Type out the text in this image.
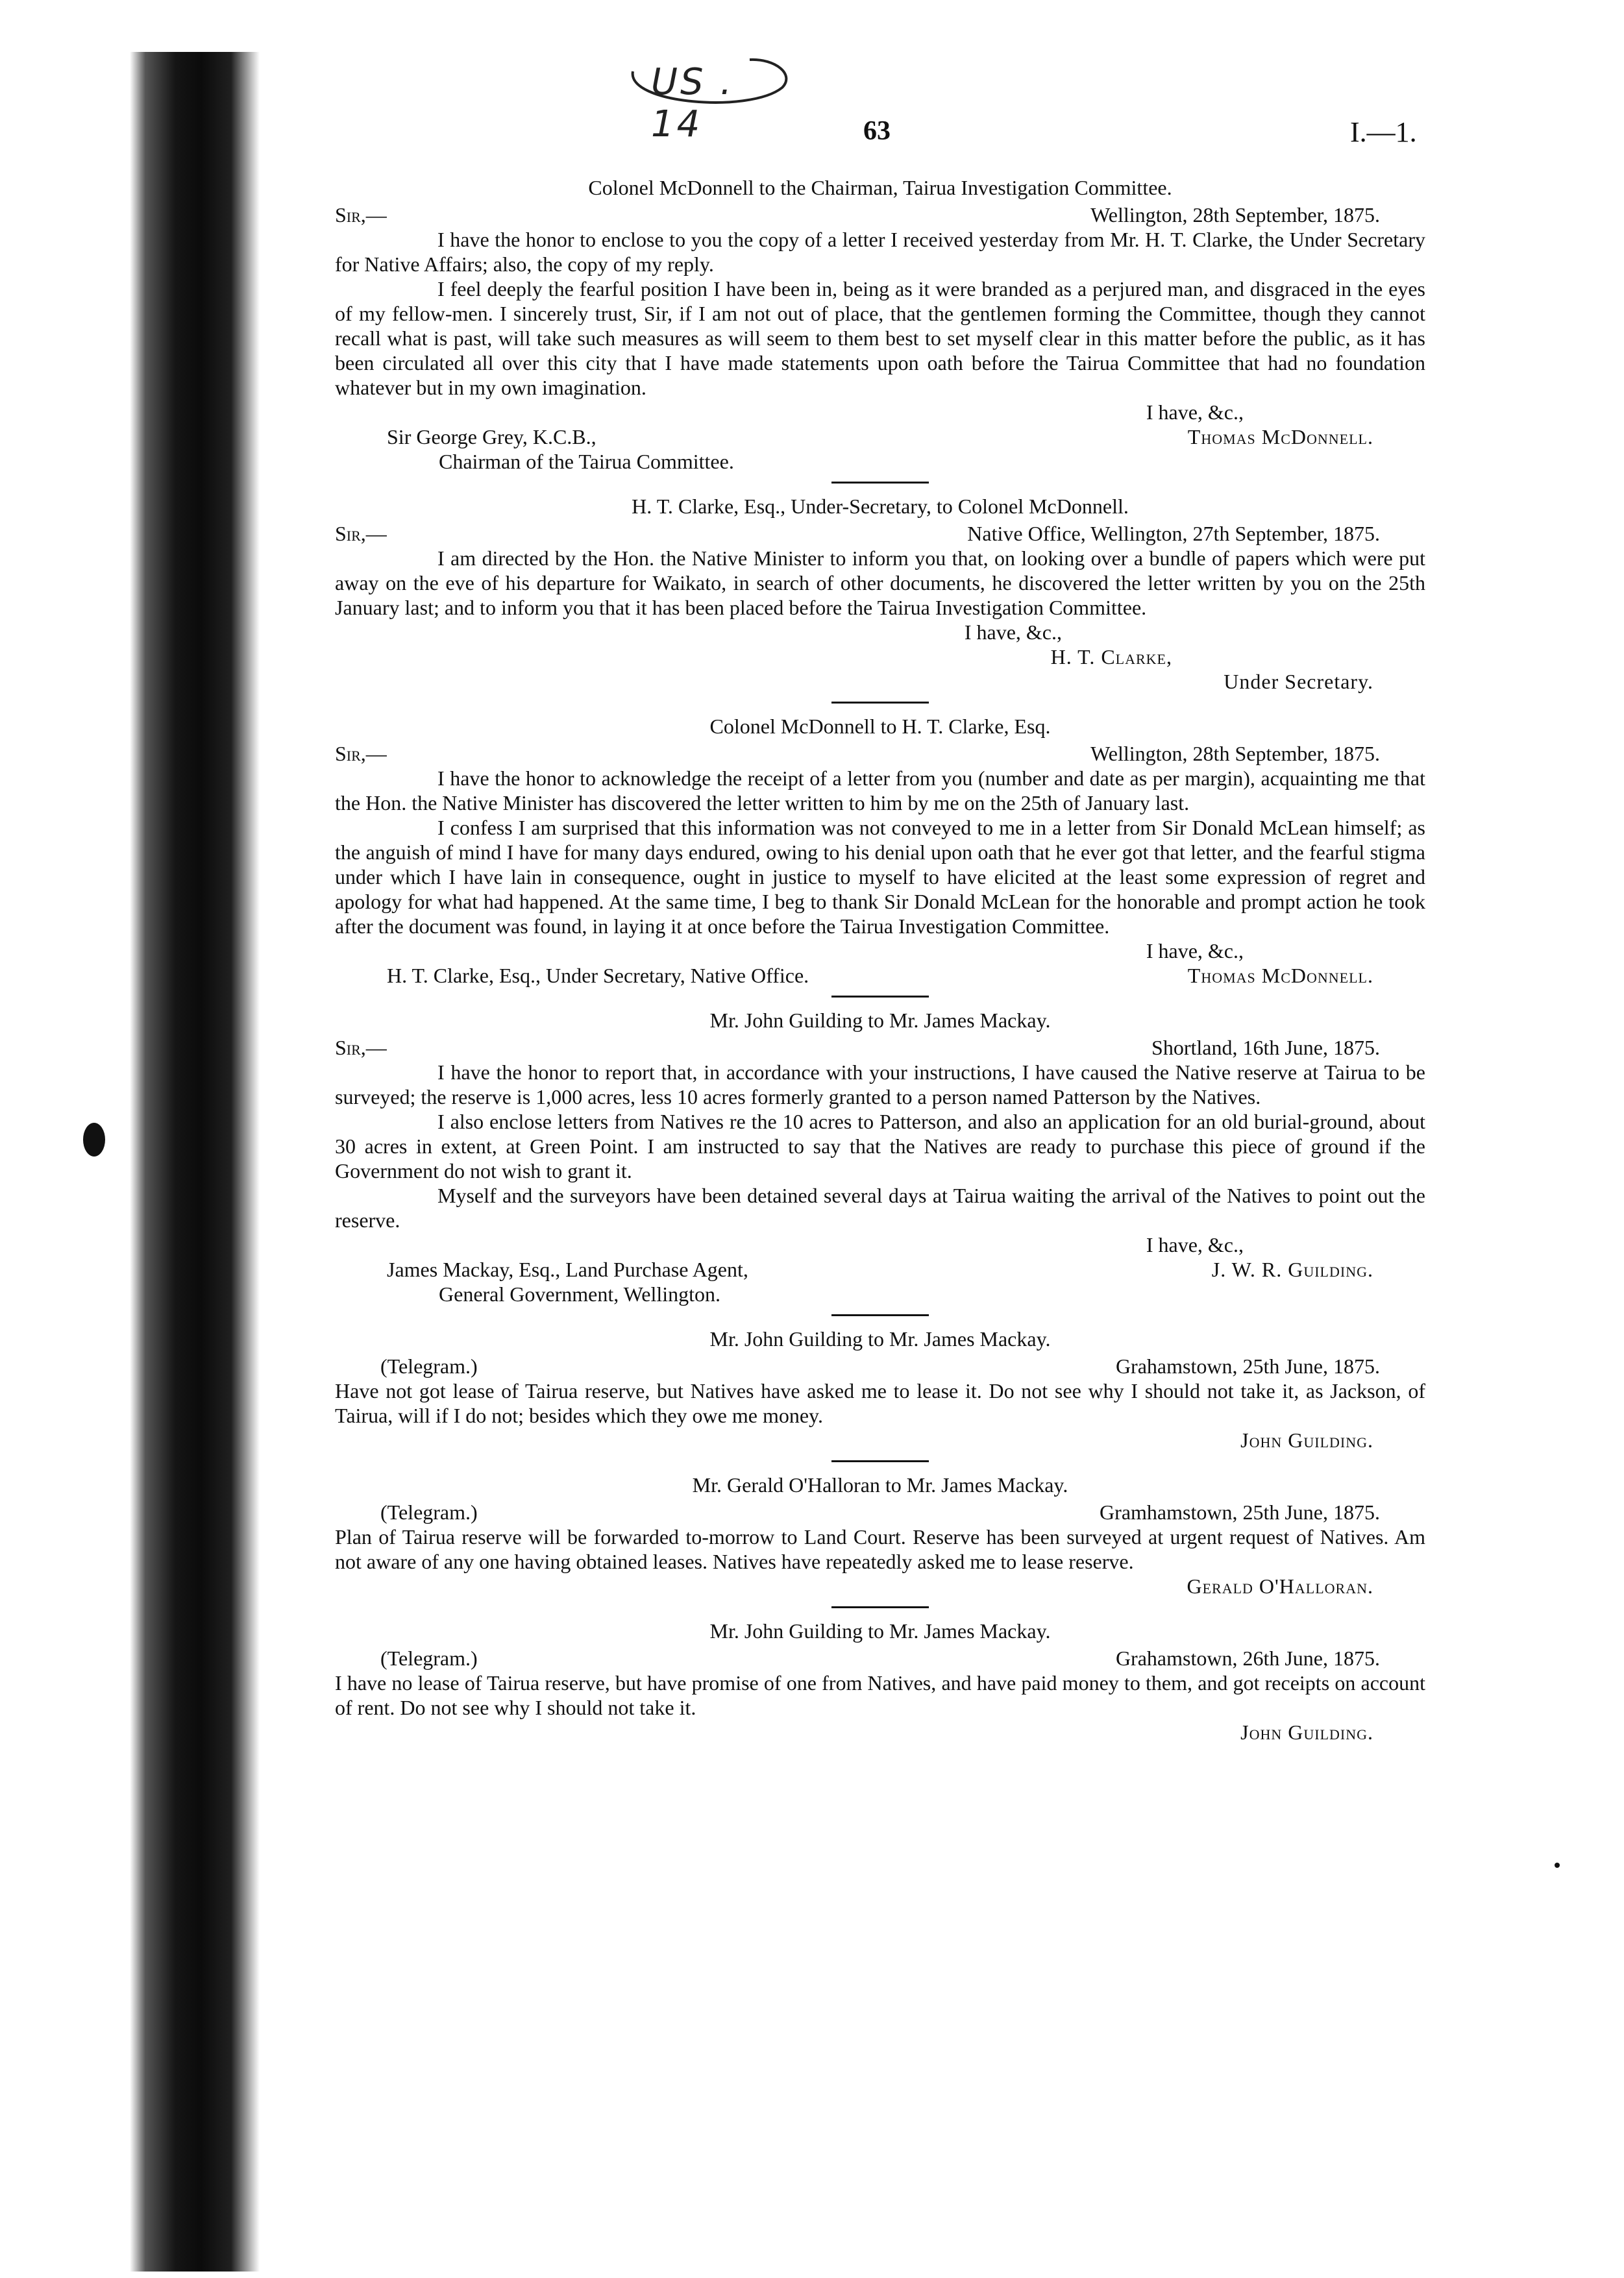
US . 14	63	I.—1.
Colonel McDonnell to the Chairman, Tairua Investigation Committee.
Sir,—	Wellington, 28th September, 1875.

I have the honor to enclose to you the copy of a letter I received yesterday from Mr. H. T. Clarke, the Under Secretary for Native Affairs; also, the copy of my reply.

I feel deeply the fearful position I have been in, being as it were branded as a perjured man, and disgraced in the eyes of my fellow-men. I sincerely trust, Sir, if I am not out of place, that the gentlemen forming the Committee, though they cannot recall what is past, will take such measures as will seem to them best to set myself clear in this matter before the public, as it has been circulated all over this city that I have made statements upon oath before the Tairua Committee that had no foundation whatever but in my own imagination.

I have, &c.,
Sir George Grey, K.C.B.,	Thomas McDonnell.
Chairman of the Tairua Committee.
H. T. Clarke, Esq., Under-Secretary, to Colonel McDonnell.
Sir,—	Native Office, Wellington, 27th September, 1875.

I am directed by the Hon. the Native Minister to inform you that, on looking over a bundle of papers which were put away on the eve of his departure for Waikato, in search of other documents, he discovered the letter written by you on the 25th January last; and to inform you that it has been placed before the Tairua Investigation Committee.

I have, &c.,
H. T. Clarke,
Under Secretary.
Colonel McDonnell to H. T. Clarke, Esq.
Sir,—	Wellington, 28th September, 1875.

I have the honor to acknowledge the receipt of a letter from you (number and date as per margin), acquainting me that the Hon. the Native Minister has discovered the letter written to him by me on the 25th of January last.

I confess I am surprised that this information was not conveyed to me in a letter from Sir Donald McLean himself; as the anguish of mind I have for many days endured, owing to his denial upon oath that he ever got that letter, and the fearful stigma under which I have lain in consequence, ought in justice to myself to have elicited at the least some expression of regret and apology for what had happened. At the same time, I beg to thank Sir Donald McLean for the honorable and prompt action he took after the document was found, in laying it at once before the Tairua Investigation Committee.

I have, &c.,
H. T. Clarke, Esq., Under Secretary, Native Office.	Thomas McDonnell.
Mr. John Guilding to Mr. James Mackay.
Sir,—	Shortland, 16th June, 1875.

I have the honor to report that, in accordance with your instructions, I have caused the Native reserve at Tairua to be surveyed; the reserve is 1,000 acres, less 10 acres formerly granted to a person named Patterson by the Natives.

I also enclose letters from Natives re the 10 acres to Patterson, and also an application for an old burial-ground, about 30 acres in extent, at Green Point. I am instructed to say that the Natives are ready to purchase this piece of ground if the Government do not wish to grant it.

Myself and the surveyors have been detained several days at Tairua waiting the arrival of the Natives to point out the reserve.

I have, &c.,
James Mackay, Esq., Land Purchase Agent,	J. W. R. Guilding.
General Government, Wellington.
Mr. John Guilding to Mr. James Mackay.
(Telegram.)	Grahamstown, 25th June, 1875.

Have not got lease of Tairua reserve, but Natives have asked me to lease it. Do not see why I should not take it, as Jackson, of Tairua, will if I do not; besides which they owe me money.

John Guilding.
Mr. Gerald O'Halloran to Mr. James Mackay.
(Telegram.)	Gramhamstown, 25th June, 1875.

Plan of Tairua reserve will be forwarded to-morrow to Land Court. Reserve has been surveyed at urgent request of Natives. Am not aware of any one having obtained leases. Natives have repeatedly asked me to lease reserve.

Gerald O'Halloran.
Mr. John Guilding to Mr. James Mackay.
(Telegram.)	Grahamstown, 26th June, 1875.

I have no lease of Tairua reserve, but have promise of one from Natives, and have paid money to them, and got receipts on account of rent. Do not see why I should not take it.

John Guilding.
